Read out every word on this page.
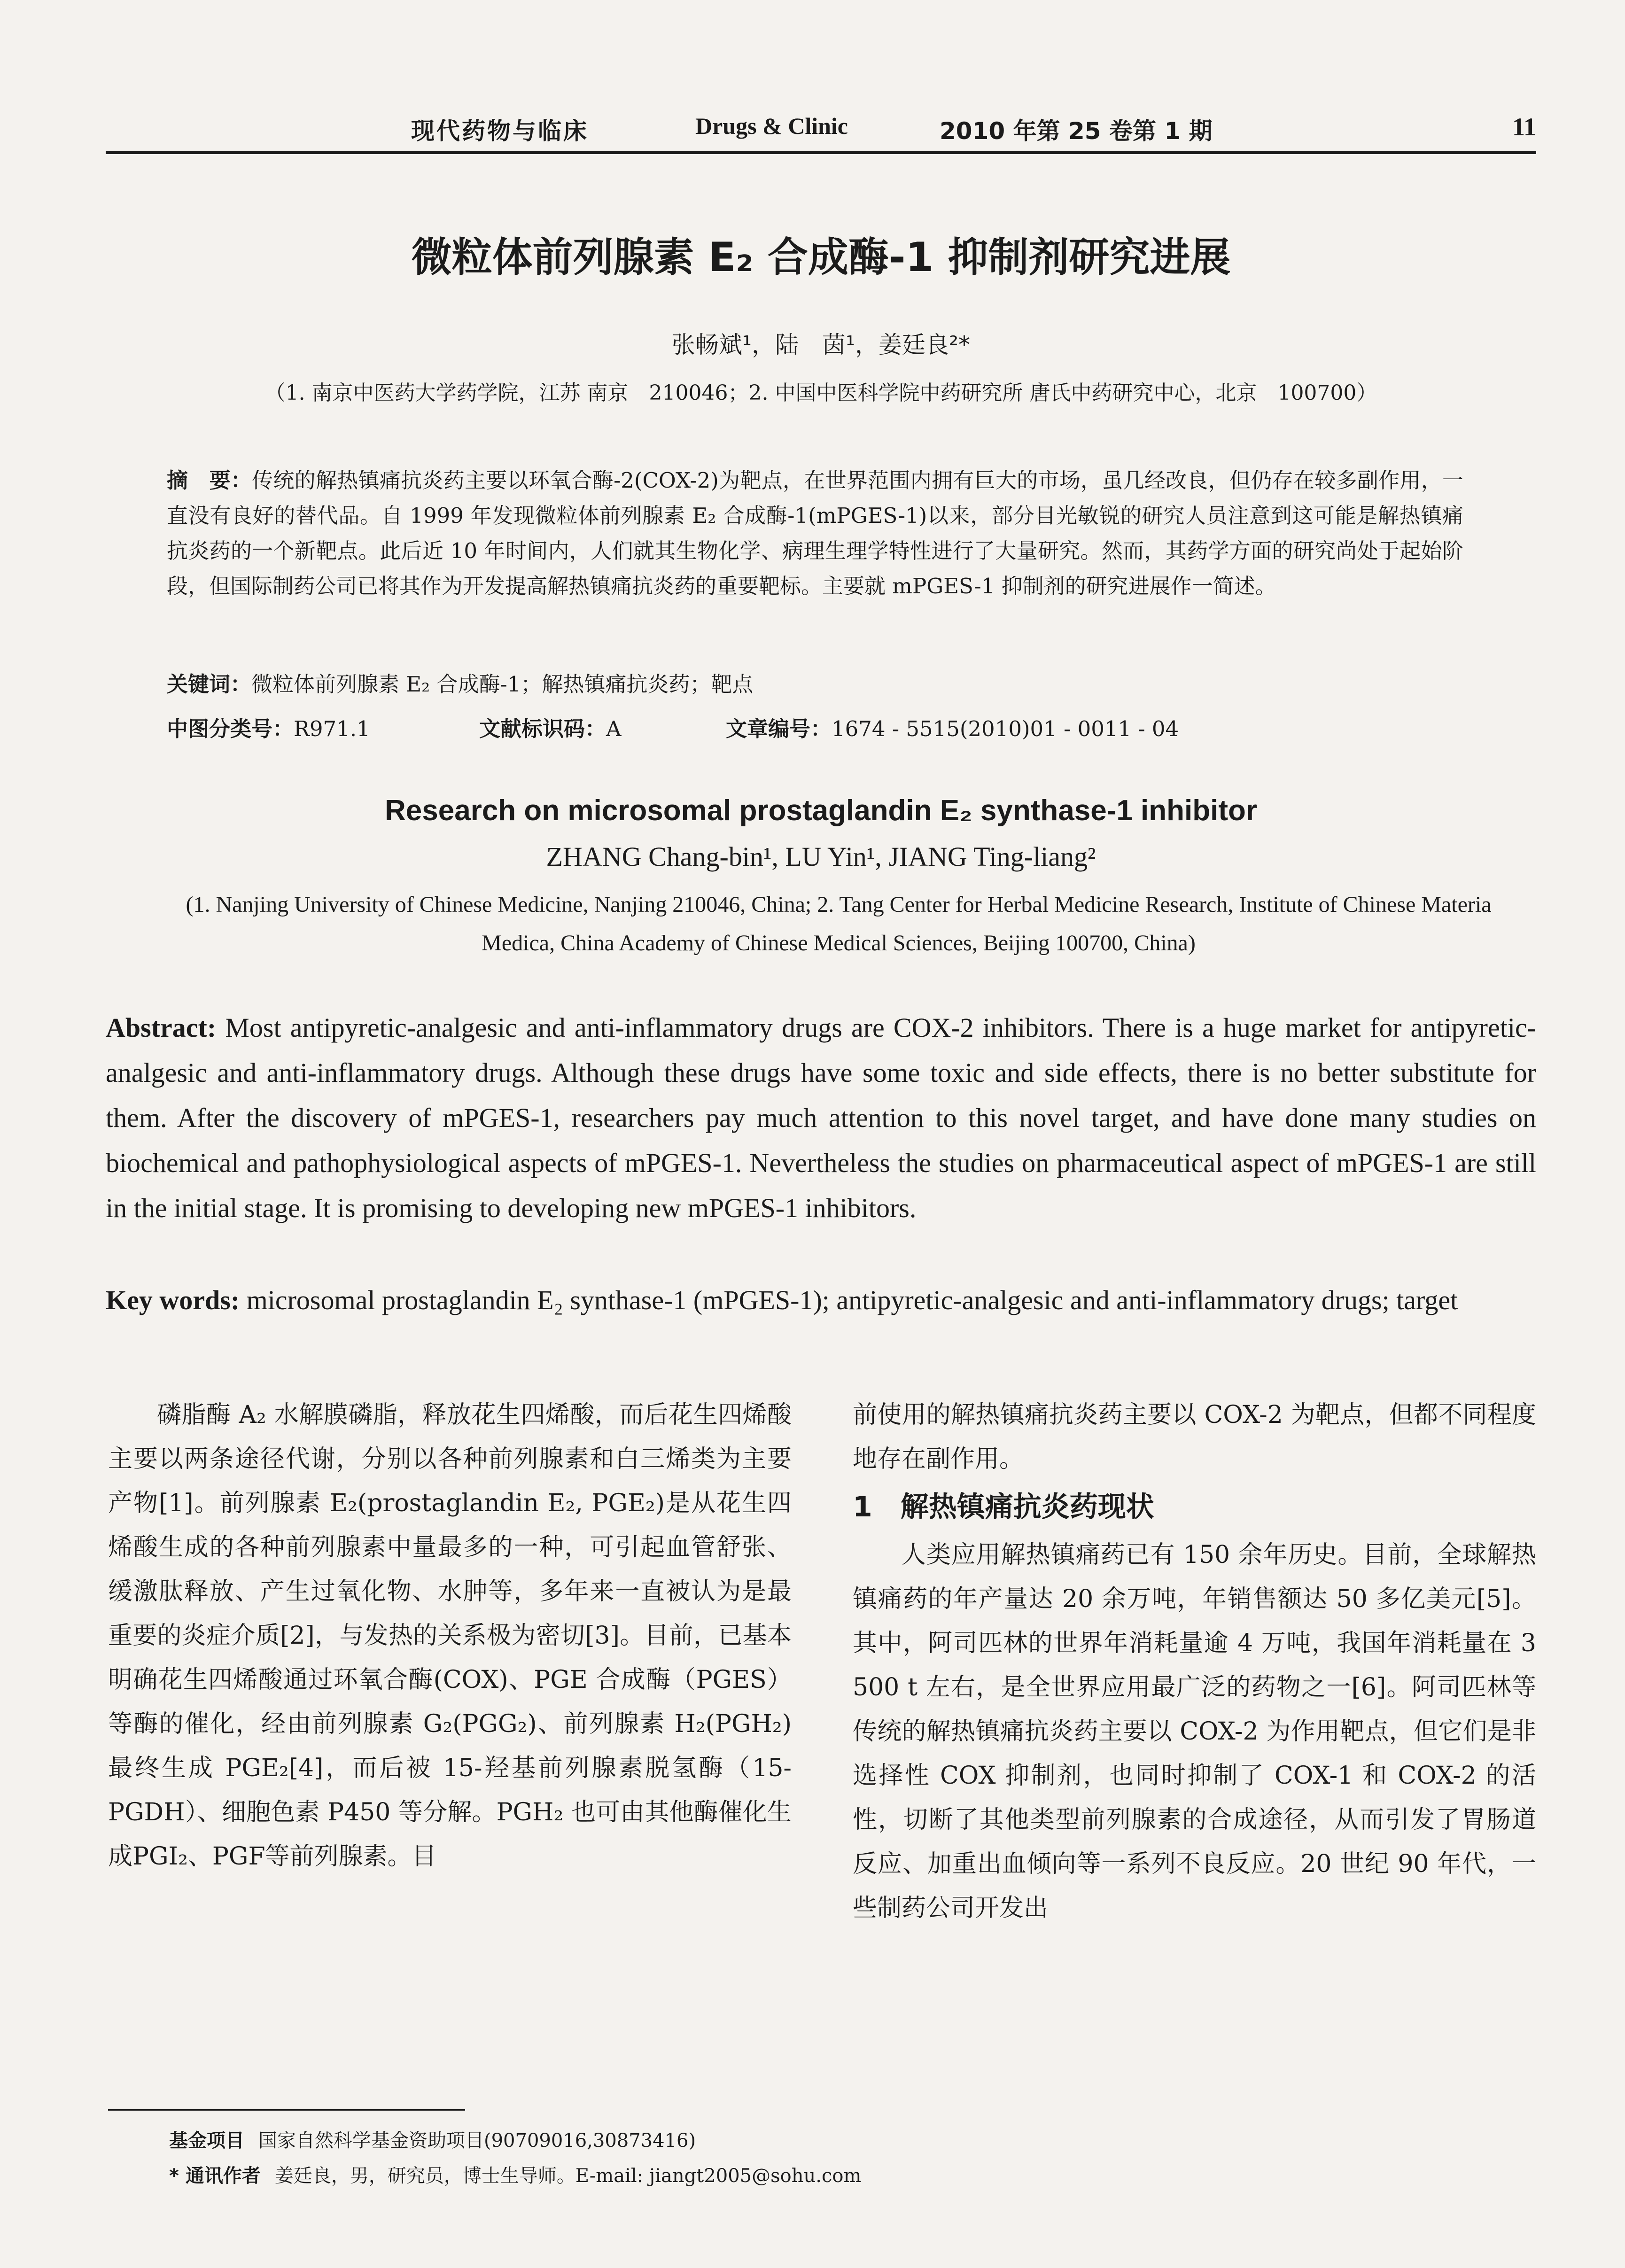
现代药物与临床	Drugs & Clinic	2010 年第 25 卷第 1 期	11
微粒体前列腺素 E₂ 合成酶-1 抑制剂研究进展
张畅斌¹，陆　茵¹，姜廷良²*
（1. 南京中医药大学药学院，江苏 南京　210046；2. 中国中医科学院中药研究所 唐氏中药研究中心，北京　100700）
摘　要：传统的解热镇痛抗炎药主要以环氧合酶-2(COX-2)为靶点，在世界范围内拥有巨大的市场，虽几经改良，但仍存在较多副作用，一直没有良好的替代品。自 1999 年发现微粒体前列腺素 E₂ 合成酶-1(mPGES-1)以来，部分目光敏锐的研究人员注意到这可能是解热镇痛抗炎药的一个新靶点。此后近 10 年时间内，人们就其生物化学、病理生理学特性进行了大量研究。然而，其药学方面的研究尚处于起始阶段，但国际制药公司已将其作为开发提高解热镇痛抗炎药的重要靶标。主要就 mPGES-1 抑制剂的研究进展作一简述。
关键词：微粒体前列腺素 E₂ 合成酶-1；解热镇痛抗炎药；靶点
中图分类号：R971.1	文献标识码：A	文章编号：1674 - 5515(2010)01 - 0011 - 04
Research on microsomal prostaglandin E₂ synthase-1 inhibitor
ZHANG Chang-bin¹, LU Yin¹, JIANG Ting-liang²
(1. Nanjing University of Chinese Medicine, Nanjing 210046, China; 2. Tang Center for Herbal Medicine Research, Institute of Chinese Materia Medica, China Academy of Chinese Medical Sciences, Beijing 100700, China)
Abstract: Most antipyretic-analgesic and anti-inflammatory drugs are COX-2 inhibitors. There is a huge market for antipyretic-analgesic and anti-inflammatory drugs. Although these drugs have some toxic and side effects, there is no better substitute for them. After the discovery of mPGES-1, researchers pay much attention to this novel target, and have done many studies on biochemical and pathophysiological aspects of mPGES-1. Nevertheless the studies on pharmaceutical aspect of mPGES-1 are still in the initial stage. It is promising to developing new mPGES-1 inhibitors.
Key words: microsomal prostaglandin E₂ synthase-1 (mPGES-1); antipyretic-analgesic and anti-inflammatory drugs; target

磷脂酶 A₂ 水解膜磷脂，释放花生四烯酸，而后花生四烯酸主要以两条途径代谢，分别以各种前列腺素和白三烯类为主要产物[1]。前列腺素 E₂(prostaglandin E₂, PGE₂)是从花生四烯酸生成的各种前列腺素中量最多的一种，可引起血管舒张、缓激肽释放、产生过氧化物、水肿等，多年来一直被认为是最重要的炎症介质[2]，与发热的关系极为密切[3]。目前，已基本明确花生四烯酸通过环氧合酶(COX)、PGE 合成酶（PGES）等酶的催化，经由前列腺素 G₂(PGG₂)、前列腺素 H₂(PGH₂)最终生成 PGE₂[4]，而后被 15-羟基前列腺素脱氢酶（15-PGDH）、细胞色素 P450 等分解。PGH₂ 也可由其他酶催化生成PGI₂、PGF等前列腺素。目

前使用的解热镇痛抗炎药主要以 COX-2 为靶点，但都不同程度地存在副作用。

1　解热镇痛抗炎药现状

人类应用解热镇痛药已有 150 余年历史。目前，全球解热镇痛药的年产量达 20 余万吨，年销售额达 50 多亿美元[5]。其中，阿司匹林的世界年消耗量逾 4 万吨，我国年消耗量在 3 500 t 左右，是全世界应用最广泛的药物之一[6]。阿司匹林等传统的解热镇痛抗炎药主要以 COX-2 为作用靶点，但它们是非选择性 COX 抑制剂，也同时抑制了 COX-1 和 COX-2 的活性，切断了其他类型前列腺素的合成途径，从而引发了胃肠道反应、加重出血倾向等一系列不良反应。20 世纪 90 年代，一些制药公司开发出

基金项目 国家自然科学基金资助项目(90709016,30873416)
* 通讯作者 姜廷良，男，研究员，博士生导师。E-mail: jiangt2005@sohu.com
